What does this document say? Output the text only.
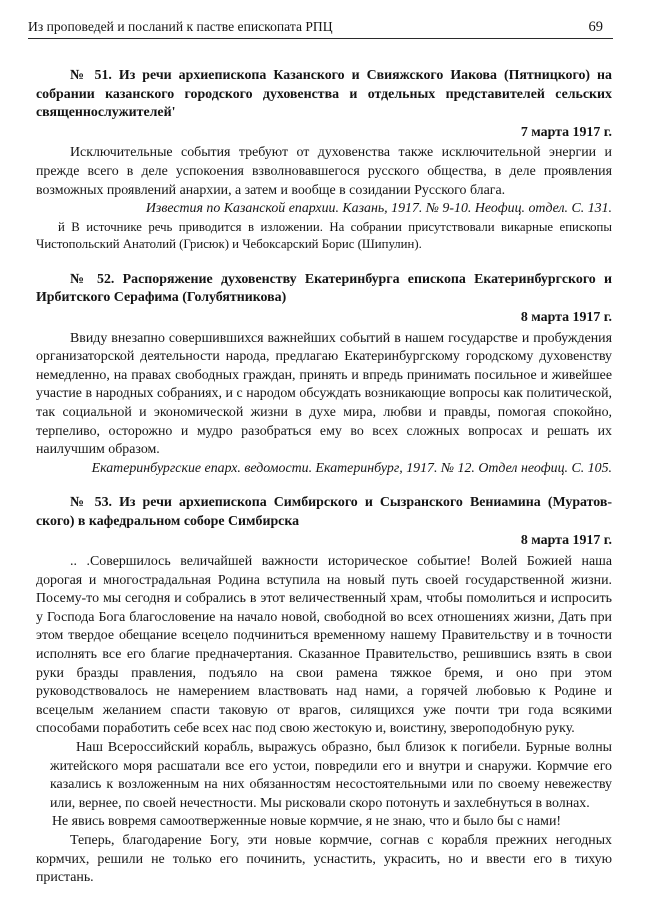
Из проповедей и посланий к пастве епископата РПЦ	69

№ 51. Из речи архиепископа Казанского и Свияжского Иакова (Пятницкого) на собрании казанского городского духовенства и отдельных представителей сельских священнослужителей'

7 марта 1917 г.

Исключительные события требуют от духовенства также исключительной энергии и прежде всего в деле успокоения взволновавшегося русского общества, в деле проявления возможных проявлений анархии, а затем и вообще в созидании Русского блага.

Известия по Казанской епархии. Казань, 1917. № 9-10. Неофиц. отдел. С. 131.

й В источнике речь приводится в изложении. На собрании присутствовали викарные епископы Чистопольский Анатолий (Грисюк) и Чебоксарский Борис (Шипулин).

№ 52. Распоряжение духовенству Екатеринбурга епископа Екатеринбургского и Ирбитского Серафима (Голубятникова)

8 марта 1917 г.

Ввиду внезапно совершившихся важнейших событий в нашем государстве и пробуждения организаторской деятельности народа, предлагаю Екатеринбургскому городскому духовенству немедленно, на правах свободных граждан, принять и впредь принимать посильное и живейшее участие в народных собраниях, и с народом обсуждать возникающие вопросы как политической, так социальной и экономической жизни в духе мира, любви и правды, помогая спокойно, терпеливо, осторожно и мудро разобраться ему во всех сложных вопросах и решать их наилучшим образом.

Екатеринбургские епарх. ведомости. Екатеринбург, 1917. № 12. Отдел неофиц. С. 105.

№ 53. Из речи архиепископа Симбирского и Сызранского Вениамина (Муратов-ского) в кафедральном соборе Симбирска

8 марта 1917 г.

.. .Совершилось величайшей важности историческое событие! Волей Божией наша дорогая и многострадальная Родина вступила на новый путь своей государственной жизни. Посему-то мы сегодня и собрались в этот величественный храм, чтобы помолиться и испросить у Господа Бога благословение на начало новой, свободной во всех отношениях жизни, Дать при этом твердое обещание всецело подчиниться временному нашему Правительству и в точности исполнять все его благие предначертания. Сказанное Правительство, решившись взять в свои руки бразды правления, подъяло на свои рамена тяжкое бремя, и оно при этом руководствовалось не намерением властвовать над нами, а горячей любовью к Родине и всецелым желанием спасти таковую от врагов, силящихся уже почти три года всякими способами поработить себе всех нас под свою жестокую и, воистину, звероподобную руку.

Наш Всероссийский корабль, выражусь образно, был близок к погибели. Бурные волны житейского моря расшатали все его устои, повредили его и внутри и снаружи. Кормчие его казались к возложенным на них обязанностям несостоятельными или по своему невежеству или, вернее, по своей нечестности. Мы рисковали скоро потонуть и захлебнуться в волнах.

Не явись вовремя самоотверженные новые кормчие, я не знаю, что и было бы с нами!

Теперь, благодарение Богу, эти новые кормчие, согнав с корабля прежних негодных кормчих, решили не только его починить, уснастить, украсить, но и ввести его в тихую пристань.
